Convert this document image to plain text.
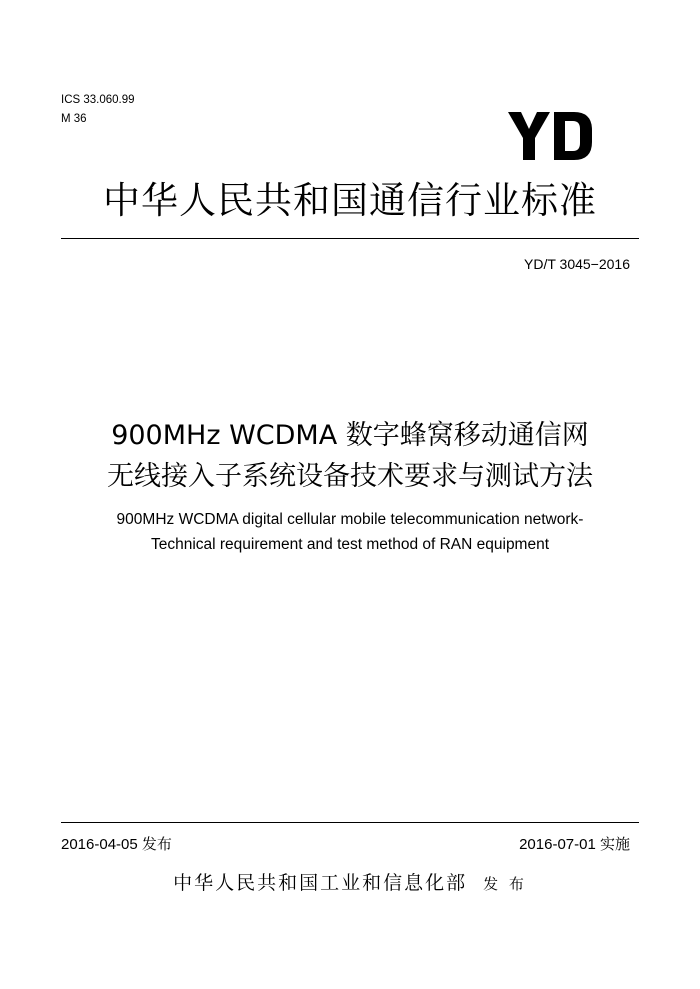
ICS 33.060.99
M 36
中华人民共和国通信行业标准
YD/T 3045−2016
900MHz WCDMA 数字蜂窝移动通信网
无线接入子系统设备技术要求与测试方法
900MHz WCDMA digital cellular mobile telecommunication network-
Technical requirement and test method of RAN equipment
2016-04-05 发布	2016-07-01 实施
中华人民共和国工业和信息化部 发 布
